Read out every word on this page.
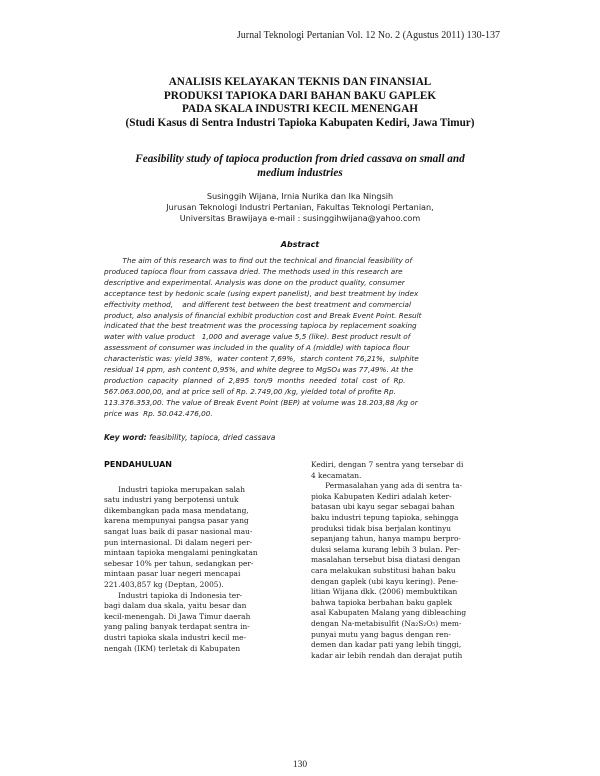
Jurnal Teknologi Pertanian Vol. 12 No. 2 (Agustus 2011) 130-137
ANALISIS KELAYAKAN TEKNIS DAN FINANSIAL
PRODUKSI TAPIOKA DARI BAHAN BAKU GAPLEK
PADA SKALA INDUSTRI KECIL MENENGAH
(Studi Kasus di Sentra Industri Tapioka Kabupaten Kediri, Jawa Timur)
Feasibility study of tapioca production from dried cassava on small and
medium industries
Susinggih Wijana, Irnia Nurika dan Ika Ningsih
Jurusan Teknologi Industri Pertanian, Fakultas Teknologi Pertanian,
Universitas Brawijaya e-mail : susinggihwijana@yahoo.com
Abstract
The aim of this research was to find out the technical and financial feasibility of
produced tapioca flour from cassava dried. The methods used in this research are
descriptive and experimental. Analysis was done on the product quality, consumer
acceptance test by hedonic scale (using expert panelist), and best treatment by index
effectivity method,    and different test between the best treatment and commercial
product, also analysis of financial exhibit production cost and Break Event Point. Result
indicated that the best treatment was the processing tapioca by replacement soaking
water with value product   1,000 and average value 5,5 (like). Best product result of
assessment of consumer was included in the quality of A (middle) with tapioca flour
characteristic was: yield 38%,  water content 7,69%,  starch content 76,21%,  sulphite
residual 14 ppm, ash content 0,95%, and white degree to MgSO₄ was 77,49%. At the
production  capacity  planned  of  2,895  ton/9  months  needed  total  cost  of  Rp.
567.063.000,00, and at price sell of Rp. 2.749,00 /kg, yielded total of profite Rp.
113.376.353,00. The value of Break Event Point (BEP) at volume was 18.203,88 /kg or
price was  Rp. 50.042.476,00.
Key word: feasibility, tapioca, dried cassava
PENDAHULUAN
Industri tapioka merupakan salah
satu industri yang berpotensi untuk
dikembangkan pada masa mendatang,
karena mempunyai pangsa pasar yang
sangat luas baik di pasar nasional mau-
pun internasional. Di dalam negeri per-
mintaan tapioka mengalami peningkatan
sebesar 10% per tahun, sedangkan per-
mintaan pasar luar negeri mencapai
221.403,857 kg (Deptan, 2005).
Industri tapioka di Indonesia ter-
bagi dalam dua skala, yaitu besar dan
kecil-menengah. Di Jawa Timur daerah
yang paling banyak terdapat sentra in-
dustri tapioka skala industri kecil me-
nengah (IKM) terletak di Kabupaten
Kediri, dengan 7 sentra yang tersebar di
4 kecamatan.
Permasalahan yang ada di sentra ta-
pioka Kabupaten Kediri adalah keter-
batasan ubi kayu segar sebagai bahan
baku industri tepung tapioka, sehingga
produksi tidak bisa berjalan kontinyu
sepanjang tahun, hanya mampu berpro-
duksi selama kurang lebih 3 bulan. Per-
masalahan tersebut bisa diatasi dengan
cara melakukan substitusi bahan baku
dengan gaplek (ubi kayu kering). Pene-
litian Wijana dkk. (2006) membuktikan
bahwa tapioka berbahan baku gaplek
asal Kabupaten Malang yang dibleaching
dengan Na-metabisulfit (Na₂S₂O₅) mem-
punyai mutu yang bagus dengan ren-
demen dan kadar pati yang lebih tinggi,
kadar air lebih rendah dan derajat putih
130
